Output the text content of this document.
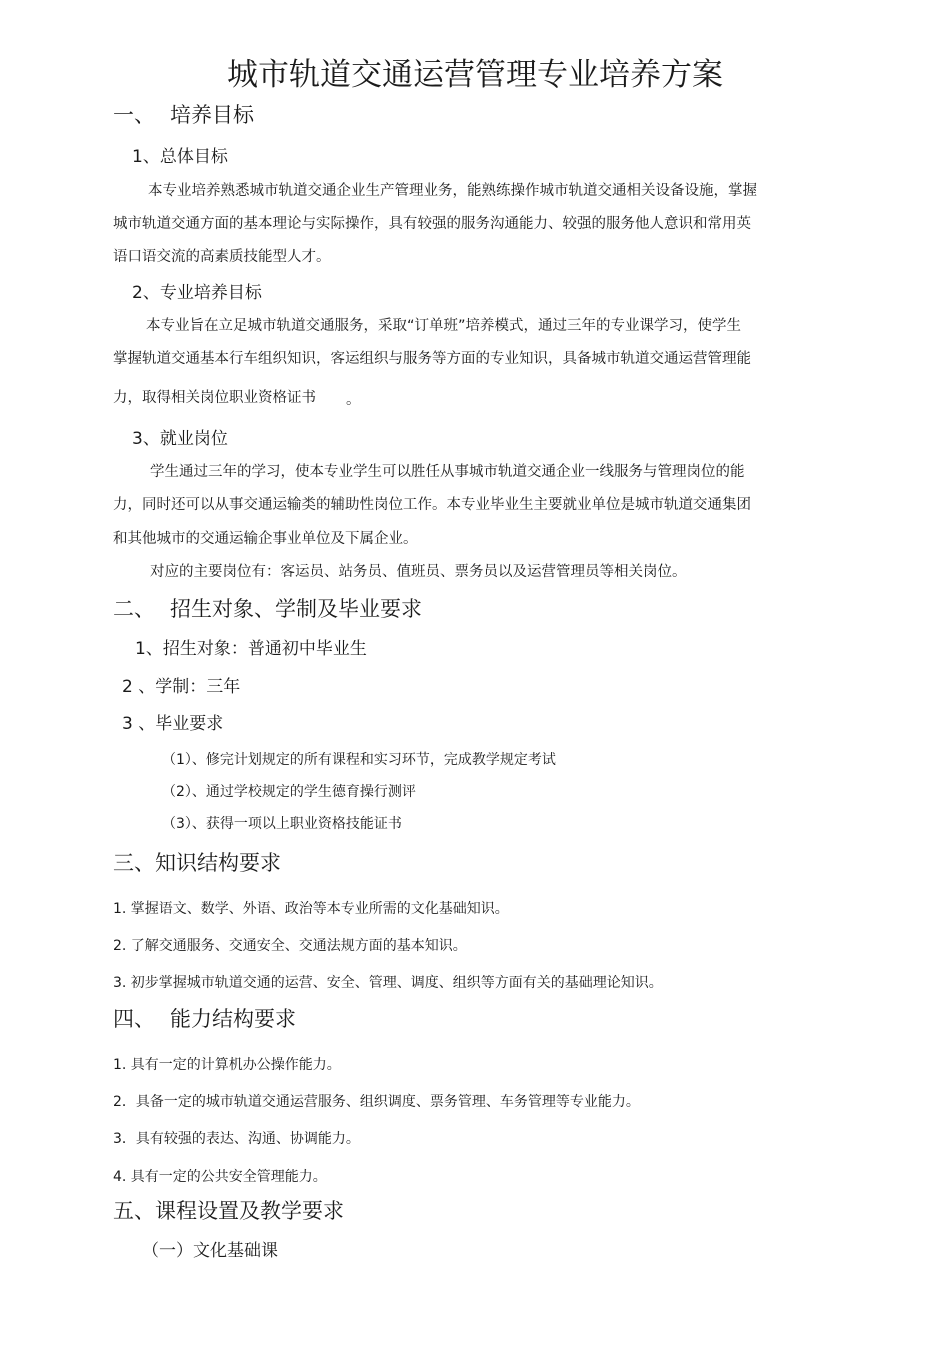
城市轨道交通运营管理专业培养方案
一、 培养目标
1、总体目标
本专业培养熟悉城市轨道交通企业生产管理业务，能熟练操作城市轨道交通相关设备设施，掌握
城市轨道交通方面的基本理论与实际操作，具有较强的服务沟通能力、较强的服务他人意识和常用英
语口语交流的高素质技能型人才。
2、专业培养目标
本专业旨在立足城市轨道交通服务，采取“订单班”培养模式，通过三年的专业课学习，使学生
掌握轨道交通基本行车组织知识，客运组织与服务等方面的专业知识，具备城市轨道交通运营管理能
力，取得相关岗位职业资格证书 。
3、就业岗位
学生通过三年的学习，使本专业学生可以胜任从事城市轨道交通企业一线服务与管理岗位的能
力，同时还可以从事交通运输类的辅助性岗位工作。本专业毕业生主要就业单位是城市轨道交通集团
和其他城市的交通运输企事业单位及下属企业。
对应的主要岗位有：客运员、站务员、值班员、票务员以及运营管理员等相关岗位。
二、 招生对象、学制及毕业要求
1、招生对象：普通初中毕业生
2 、学制：三年
3 、毕业要求
（1）、修完计划规定的所有课程和实习环节，完成教学规定考试
（2）、通过学校规定的学生德育操行测评
（3）、获得一项以上职业资格技能证书
三、知识结构要求
1. 掌握语文、数学、外语、政治等本专业所需的文化基础知识。
2. 了解交通服务、交通安全、交通法规方面的基本知识。
3. 初步掌握城市轨道交通的运营、安全、管理、调度、组织等方面有关的基础理论知识。
四、 能力结构要求
1. 具有一定的计算机办公操作能力。
2．具备一定的城市轨道交通运营服务、组织调度、票务管理、车务管理等专业能力。
3．具有较强的表达、沟通、协调能力。
4. 具有一定的公共安全管理能力。
五、课程设置及教学要求
（一）文化基础课
